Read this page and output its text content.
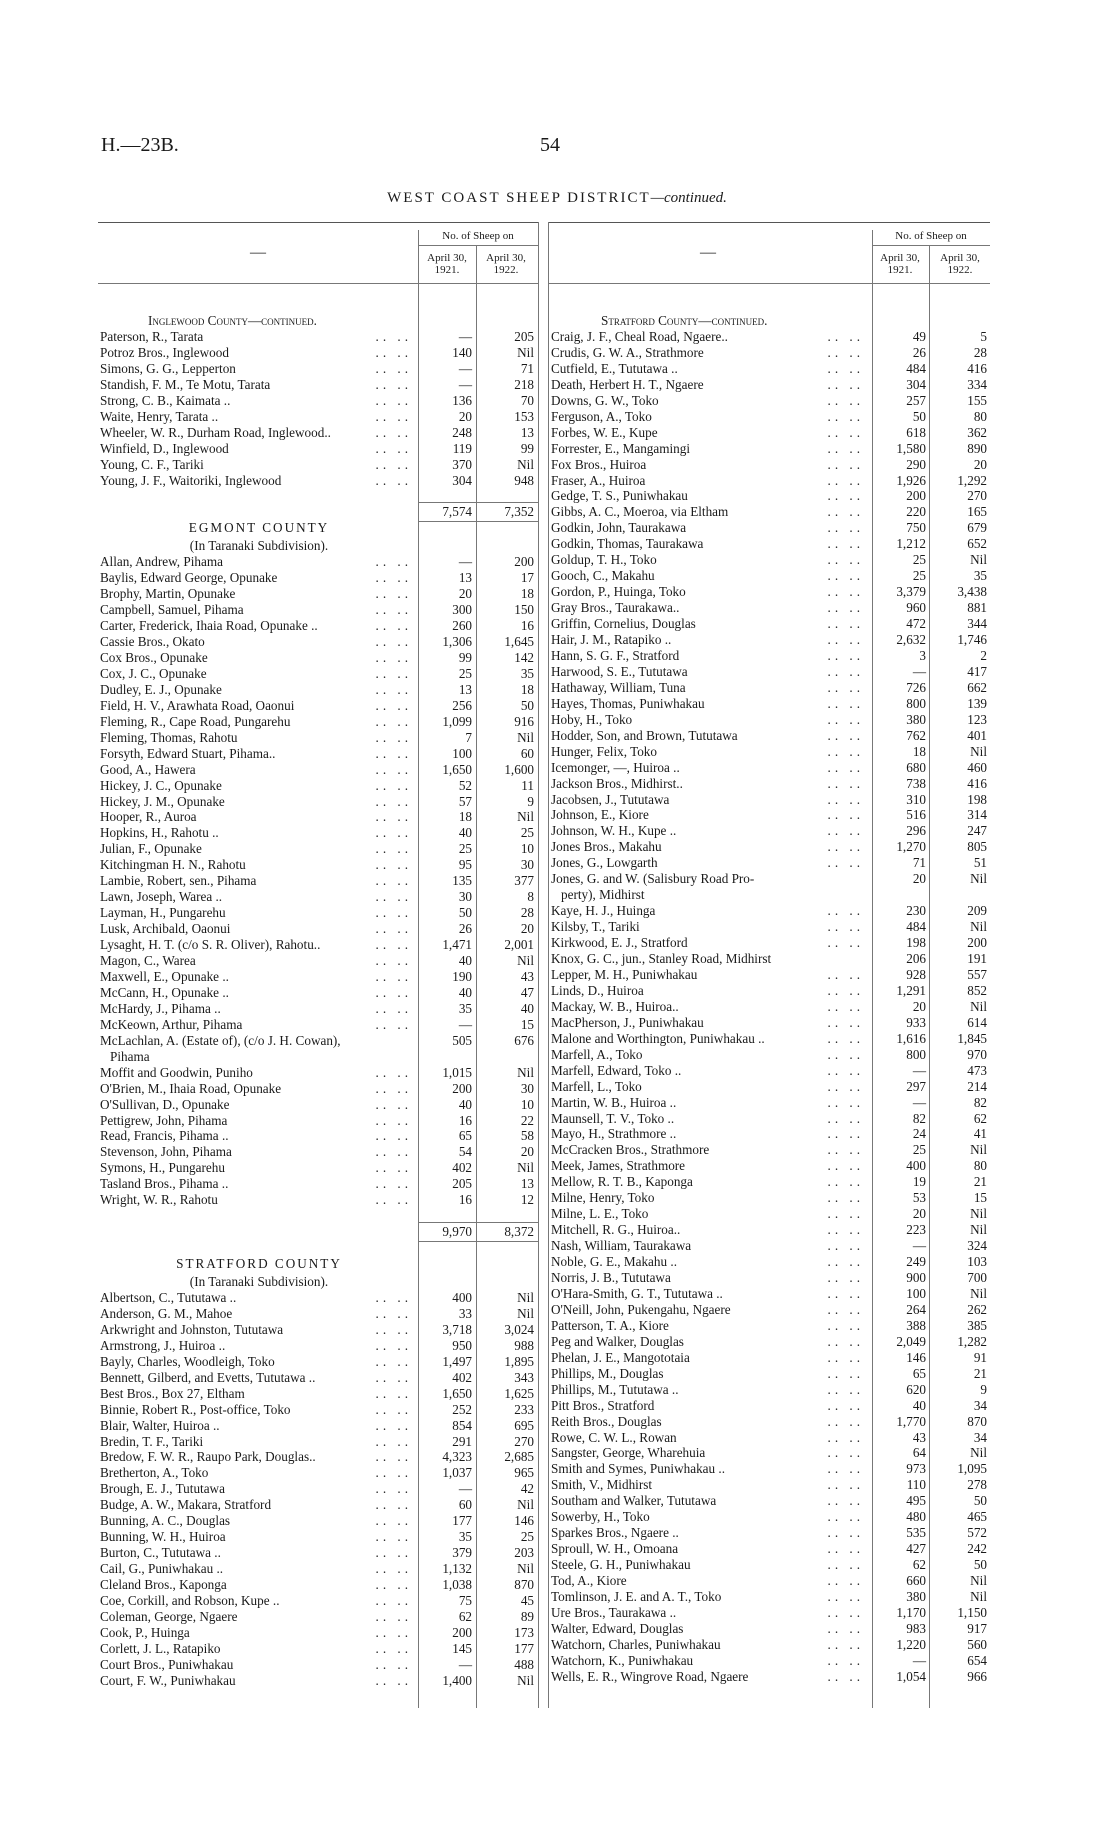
H.—23B.	54
WEST COAST SHEEP DISTRICT—continued.
No. of Sheep on
April 30, 1921.
April 30, 1922.
—
No. of Sheep on
April 30, 1921.
April 30, 1922.
—
Inglewood County—continued.
Paterson, R., Tarata	.. ..	—	205
Potroz Bros., Inglewood	.. ..	140	Nil
Simons, G. G., Lepperton	.. ..	—	71
Standish, F. M., Te Motu, Tarata	.. ..	—	218
Strong, C. B., Kaimata ..	.. ..	136	70
Waite, Henry, Tarata ..	.. ..	20	153
Wheeler, W. R., Durham Road, Inglewood..	.. ..	248	13
Winfield, D., Inglewood	.. ..	119	99
Young, C. F., Tariki	.. ..	370	Nil
Young, J. F., Waitoriki, Inglewood	.. ..	304	948
7,574	7,352
EGMONT COUNTY
(In Taranaki Subdivision).
Allan, Andrew, Pihama	.. ..	—	200
Baylis, Edward George, Opunake	.. ..	13	17
Brophy, Martin, Opunake	.. ..	20	18
Campbell, Samuel, Pihama	.. ..	300	150
Carter, Frederick, Ihaia Road, Opunake ..	.. ..	260	16
Cassie Bros., Okato	.. ..	1,306	1,645
Cox Bros., Opunake	.. ..	99	142
Cox, J. C., Opunake	.. ..	25	35
Dudley, E. J., Opunake	.. ..	13	18
Field, H. V., Arawhata Road, Oaonui	.. ..	256	50
Fleming, R., Cape Road, Pungarehu	.. ..	1,099	916
Fleming, Thomas, Rahotu	.. ..	7	Nil
Forsyth, Edward Stuart, Pihama..	.. ..	100	60
Good, A., Hawera	.. ..	1,650	1,600
Hickey, J. C., Opunake	.. ..	52	11
Hickey, J. M., Opunake	.. ..	57	9
Hooper, R., Auroa	.. ..	18	Nil
Hopkins, H., Rahotu ..	.. ..	40	25
Julian, F., Opunake	.. ..	25	10
Kitchingman H. N., Rahotu	.. ..	95	30
Lambie, Robert, sen., Pihama	.. ..	135	377
Lawn, Joseph, Warea ..	.. ..	30	8
Layman, H., Pungarehu	.. ..	50	28
Lusk, Archibald, Oaonui	.. ..	26	20
Lysaght, H. T. (c/o S. R. Oliver), Rahotu..	.. ..	1,471	2,001
Magon, C., Warea	.. ..	40	Nil
Maxwell, E., Opunake ..	.. ..	190	43
McCann, H., Opunake ..	.. ..	40	47
McHardy, J., Pihama ..	.. ..	35	40
McKeown, Arthur, Pihama	.. ..	—	15
McLachlan, A. (Estate of), (c/o J. H. Cowan),	505	676
Pihama
Moffit and Goodwin, Puniho	.. ..	1,015	Nil
O'Brien, M., Ihaia Road, Opunake	.. ..	200	30
O'Sullivan, D., Opunake	.. ..	40	10
Pettigrew, John, Pihama	.. ..	16	22
Read, Francis, Pihama ..	.. ..	65	58
Stevenson, John, Pihama	.. ..	54	20
Symons, H., Pungarehu	.. ..	402	Nil
Tasland Bros., Pihama ..	.. ..	205	13
Wright, W. R., Rahotu	.. ..	16	12
9,970	8,372
STRATFORD COUNTY
(In Taranaki Subdivision).
Albertson, C., Tututawa ..	.. ..	400	Nil
Anderson, G. M., Mahoe	.. ..	33	Nil
Arkwright and Johnston, Tututawa	.. ..	3,718	3,024
Armstrong, J., Huiroa ..	.. ..	950	988
Bayly, Charles, Woodleigh, Toko	.. ..	1,497	1,895
Bennett, Gilberd, and Evetts, Tututawa ..	.. ..	402	343
Best Bros., Box 27, Eltham	.. ..	1,650	1,625
Binnie, Robert R., Post-office, Toko	.. ..	252	233
Blair, Walter, Huiroa ..	.. ..	854	695
Bredin, T. F., Tariki	.. ..	291	270
Bredow, F. W. R., Raupo Park, Douglas..	.. ..	4,323	2,685
Bretherton, A., Toko	.. ..	1,037	965
Brough, E. J., Tututawa	.. ..	—	42
Budge, A. W., Makara, Stratford	.. ..	60	Nil
Bunning, A. C., Douglas	.. ..	177	146
Bunning, W. H., Huiroa	.. ..	35	25
Burton, C., Tututawa ..	.. ..	379	203
Cail, G., Puniwhakau ..	.. ..	1,132	Nil
Cleland Bros., Kaponga	.. ..	1,038	870
Coe, Corkill, and Robson, Kupe ..	.. ..	75	45
Coleman, George, Ngaere	.. ..	62	89
Cook, P., Huinga	.. ..	200	173
Corlett, J. L., Ratapiko	.. ..	145	177
Court Bros., Puniwhakau	.. ..	—	488
Court, F. W., Puniwhakau	.. ..	1,400	Nil
Stratford County—continued.
Craig, J. F., Cheal Road, Ngaere..	.. ..	49	5
Crudis, G. W. A., Strathmore	.. ..	26	28
Cutfield, E., Tututawa ..	.. ..	484	416
Death, Herbert H. T., Ngaere	.. ..	304	334
Downs, G. W., Toko	.. ..	257	155
Ferguson, A., Toko	.. ..	50	80
Forbes, W. E., Kupe	.. ..	618	362
Forrester, E., Mangamingi	.. ..	1,580	890
Fox Bros., Huiroa	.. ..	290	20
Fraser, A., Huiroa	.. ..	1,926	1,292
Gedge, T. S., Puniwhakau	.. ..	200	270
Gibbs, A. C., Moeroa, via Eltham	.. ..	220	165
Godkin, John, Taurakawa	.. ..	750	679
Godkin, Thomas, Taurakawa	.. ..	1,212	652
Goldup, T. H., Toko	.. ..	25	Nil
Gooch, C., Makahu	.. ..	25	35
Gordon, P., Huinga, Toko	.. ..	3,379	3,438
Gray Bros., Taurakawa..	.. ..	960	881
Griffin, Cornelius, Douglas	.. ..	472	344
Hair, J. M., Ratapiko ..	.. ..	2,632	1,746
Hann, S. G. F., Stratford	.. ..	3	2
Harwood, S. E., Tututawa	.. ..	—	417
Hathaway, William, Tuna	.. ..	726	662
Hayes, Thomas, Puniwhakau	.. ..	800	139
Hoby, H., Toko	.. ..	380	123
Hodder, Son, and Brown, Tututawa	.. ..	762	401
Hunger, Felix, Toko	.. ..	18	Nil
Icemonger, —, Huiroa ..	.. ..	680	460
Jackson Bros., Midhirst..	.. ..	738	416
Jacobsen, J., Tututawa	.. ..	310	198
Johnson, E., Kiore	.. ..	516	314
Johnson, W. H., Kupe ..	.. ..	296	247
Jones Bros., Makahu	.. ..	1,270	805
Jones, G., Lowgarth	.. ..	71	51
Jones, G. and W. (Salisbury Road Pro-	20	Nil
perty), Midhirst
Kaye, H. J., Huinga	.. ..	230	209
Kilsby, T., Tariki	.. ..	484	Nil
Kirkwood, E. J., Stratford	.. ..	198	200
Knox, G. C., jun., Stanley Road, Midhirst	206	191
Lepper, M. H., Puniwhakau	.. ..	928	557
Linds, D., Huiroa	.. ..	1,291	852
Mackay, W. B., Huiroa..	.. ..	20	Nil
MacPherson, J., Puniwhakau	.. ..	933	614
Malone and Worthington, Puniwhakau ..	.. ..	1,616	1,845
Marfell, A., Toko	.. ..	800	970
Marfell, Edward, Toko ..	.. ..	—	473
Marfell, L., Toko	.. ..	297	214
Martin, W. B., Huiroa ..	.. ..	—	82
Maunsell, T. V., Toko ..	.. ..	82	62
Mayo, H., Strathmore ..	.. ..	24	41
McCracken Bros., Strathmore	.. ..	25	Nil
Meek, James, Strathmore	.. ..	400	80
Mellow, R. T. B., Kaponga	.. ..	19	21
Milne, Henry, Toko	.. ..	53	15
Milne, L. E., Toko	.. ..	20	Nil
Mitchell, R. G., Huiroa..	.. ..	223	Nil
Nash, William, Taurakawa	.. ..	—	324
Noble, G. E., Makahu ..	.. ..	249	103
Norris, J. B., Tututawa	.. ..	900	700
O'Hara-Smith, G. T., Tututawa ..	.. ..	100	Nil
O'Neill, John, Pukengahu, Ngaere	.. ..	264	262
Patterson, T. A., Kiore	.. ..	388	385
Peg and Walker, Douglas	.. ..	2,049	1,282
Phelan, J. E., Mangototaia	.. ..	146	91
Phillips, M., Douglas	.. ..	65	21
Phillips, M., Tututawa ..	.. ..	620	9
Pitt Bros., Stratford	.. ..	40	34
Reith Bros., Douglas	.. ..	1,770	870
Rowe, C. W. L., Rowan	.. ..	43	34
Sangster, George, Wharehuia	.. ..	64	Nil
Smith and Symes, Puniwhakau ..	.. ..	973	1,095
Smith, V., Midhirst	.. ..	110	278
Southam and Walker, Tututawa	.. ..	495	50
Sowerby, H., Toko	.. ..	480	465
Sparkes Bros., Ngaere ..	.. ..	535	572
Sproull, W. H., Omoana	.. ..	427	242
Steele, G. H., Puniwhakau	.. ..	62	50
Tod, A., Kiore	.. ..	660	Nil
Tomlinson, J. E. and A. T., Toko	.. ..	380	Nil
Ure Bros., Taurakawa ..	.. ..	1,170	1,150
Walter, Edward, Douglas	.. ..	983	917
Watchorn, Charles, Puniwhakau	.. ..	1,220	560
Watchorn, K., Puniwhakau	.. ..	—	654
Wells, E. R., Wingrove Road, Ngaere	.. ..	1,054	966
